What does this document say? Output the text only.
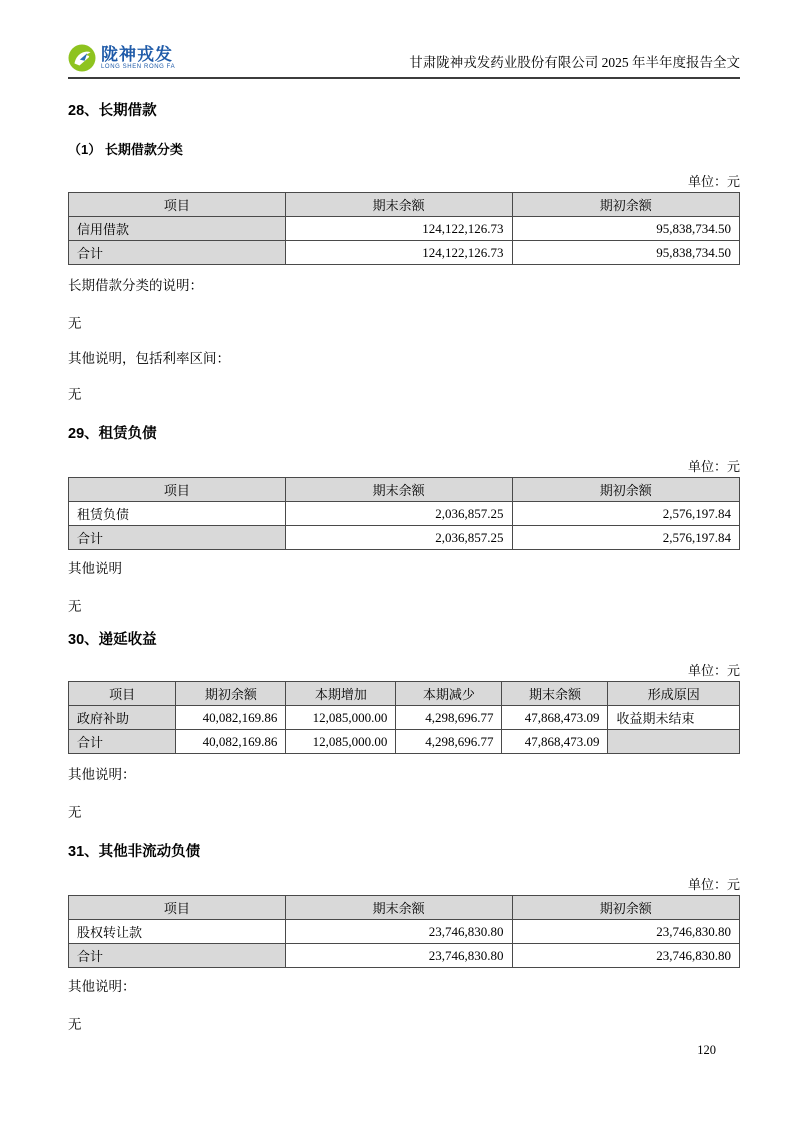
陇神戎发
LONG SHEN RONG FA	甘肃陇神戎发药业股份有限公司 2025 年半年度报告全文
28、长期借款
（1） 长期借款分类
单位：元
项目	期末余额	期初余额
信用借款	124,122,126.73	95,838,734.50
合计	124,122,126.73	95,838,734.50
长期借款分类的说明：
无
其他说明，包括利率区间：
无
29、租赁负债
单位：元
项目	期末余额	期初余额
租赁负债	2,036,857.25	2,576,197.84
合计	2,036,857.25	2,576,197.84
其他说明
无
30、递延收益
单位：元
项目	期初余额	本期增加	本期减少	期末余额	形成原因
政府补助	40,082,169.86	12,085,000.00	4,298,696.77	47,868,473.09	收益期未结束
合计	40,082,169.86	12,085,000.00	4,298,696.77	47,868,473.09	
其他说明：
无
31、其他非流动负债
单位：元
项目	期末余额	期初余额
股权转让款	23,746,830.80	23,746,830.80
合计	23,746,830.80	23,746,830.80
其他说明：
无
120
